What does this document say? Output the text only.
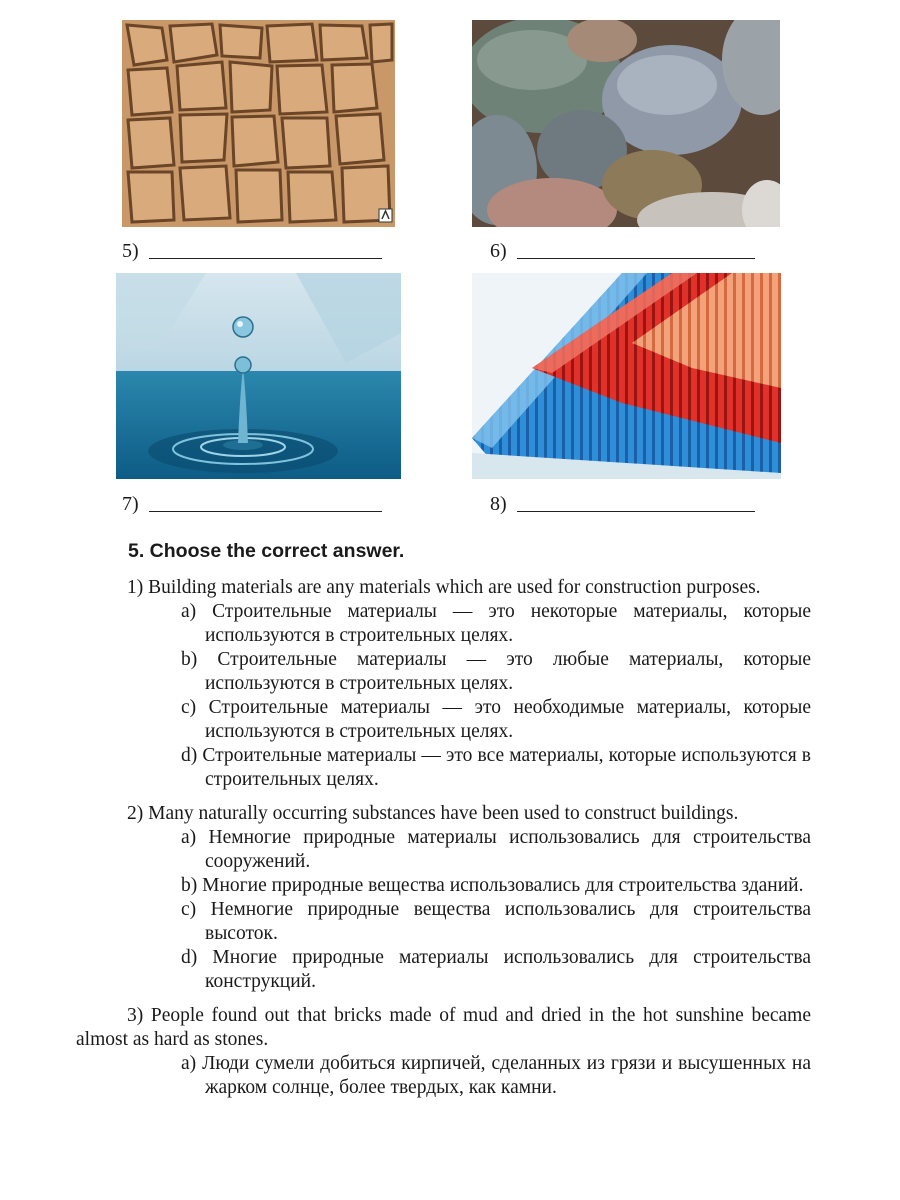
5)	6)
7)	8)
5. Choose the correct answer.

1) Building materials are any materials which are used for construction purposes.

a) Строительные материалы — это некоторые материалы, которые используются в строительных целях.

b) Строительные материалы — это любые материалы, которые используются в строительных целях.

c) Строительные материалы — это необходимые материалы, которые используются в строительных целях.

d) Строительные материалы — это все материалы, которые используются в строительных целях.

2) Many naturally occurring substances have been used to construct buildings.

a) Немногие природные материалы использовались для строительства сооружений.

b) Многие природные вещества использовались для строительства зданий.

c) Немногие природные вещества использовались для строительства высоток.

d) Многие природные материалы использовались для строительства конструкций.

3) People found out that bricks made of mud and dried in the hot sunshine became almost as hard as stones.

a) Люди сумели добиться кирпичей, сделанных из грязи и высушенных на жарком солнце, более твердых, как камни.
